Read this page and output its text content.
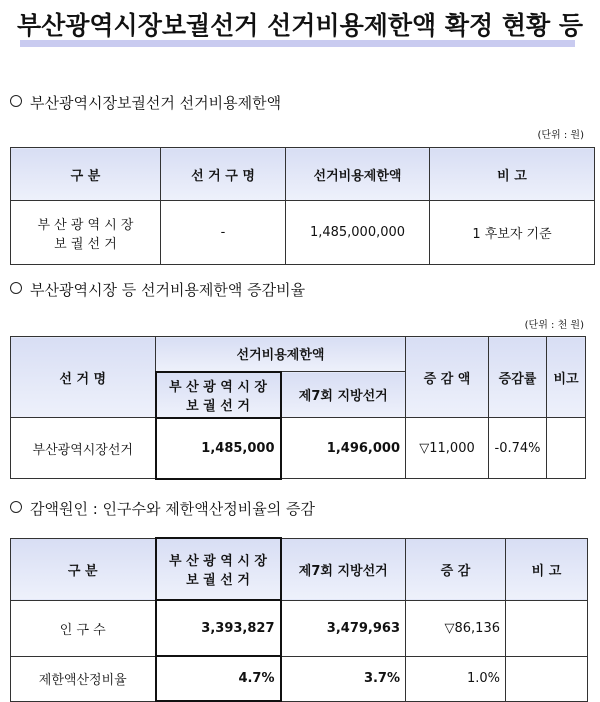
부산광역시장보궐선거 선거비용제한액 확정 현황 등
부산광역시장보궐선거 선거비용제한액
(단위 : 원)
구 분	선 거 구 명	선거비용제한액	비 고

부 산 광 역 시 장
보 궐 선 거	-	1,485,000,000	1 후보자 기준
부산광역시장 등 선거비용제한액 증감비율
(단위 : 천 원)
선 거 명	선거비용제한액		증 감 액	증감률	비고

	부 산 광 역 시 장
보 궐 선 거	제7회 지방선거			
부산광역시장선거	1,485,000	1,496,000	▽11,000	-0.74%	
감액원인 : 인구수와 제한액산정비율의 증감
구 분	부 산 광 역 시 장
보 궐 선 거	제7회 지방선거	증 감	비 고
인 구 수	3,393,827	3,479,963	▽86,136	
제한액산정비율	4.7%	3.7%	1.0%	
